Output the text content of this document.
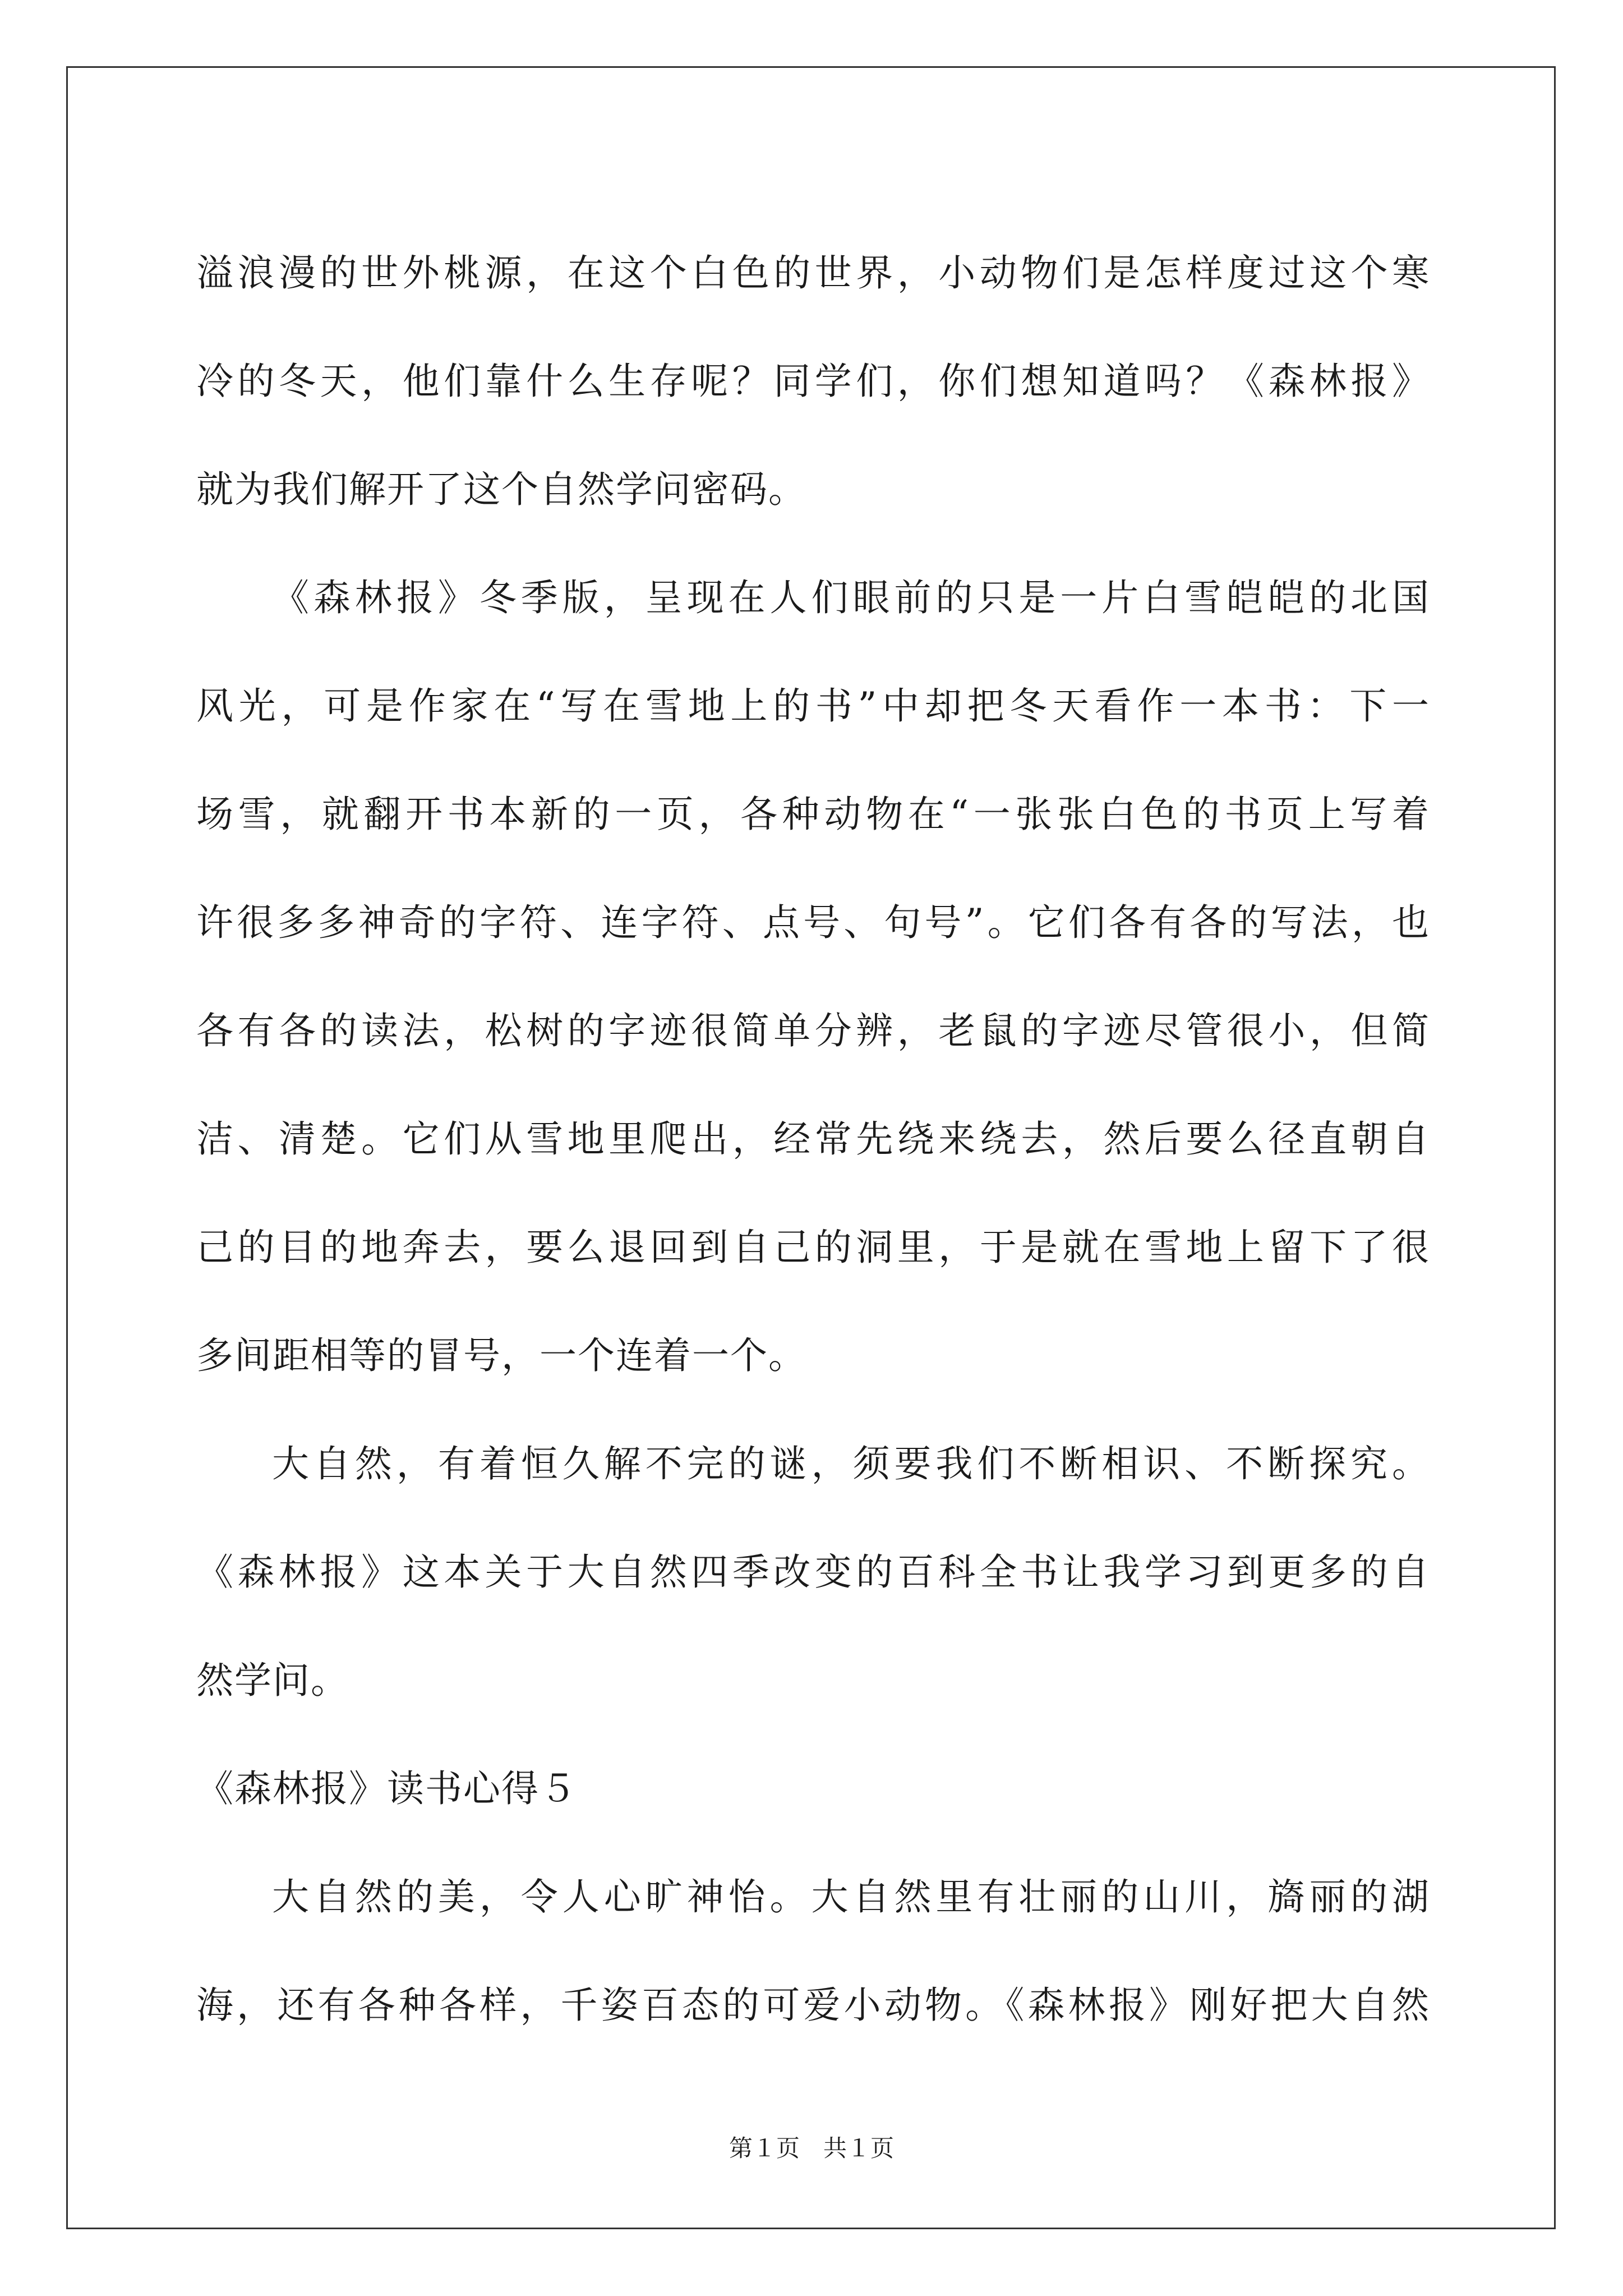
溢浪漫的世外桃源，在这个白色的世界，小动物们是怎样度过这个寒
冷的冬天，他们靠什么生存呢？同学们，你们想知道吗？《森林报》
就为我们解开了这个自然学问密码。
《森林报》冬季版，呈现在人们眼前的只是一片白雪皑皑的北国
风光，可是作家在“写在雪地上的书”中却把冬天看作一本书：下一
场雪，就翻开书本新的一页，各种动物在“一张张白色的书页上写着
许很多多神奇的字符、连字符、点号、句号”。它们各有各的写法，也
各有各的读法，松树的字迹很简单分辨，老鼠的字迹尽管很小，但简
洁、清楚。它们从雪地里爬出，经常先绕来绕去，然后要么径直朝自
己的目的地奔去，要么退回到自己的洞里，于是就在雪地上留下了很
多间距相等的冒号，一个连着一个。
大自然，有着恒久解不完的谜，须要我们不断相识、不断探究。
《森林报》这本关于大自然四季改变的百科全书让我学习到更多的自
然学问。
《森林报》读书心得５
大自然的美，令人心旷神怡。大自然里有壮丽的山川，旖丽的湖
海，还有各种各样，千姿百态的可爱小动物。《森林报》刚好把大自然
第１页 共１页
